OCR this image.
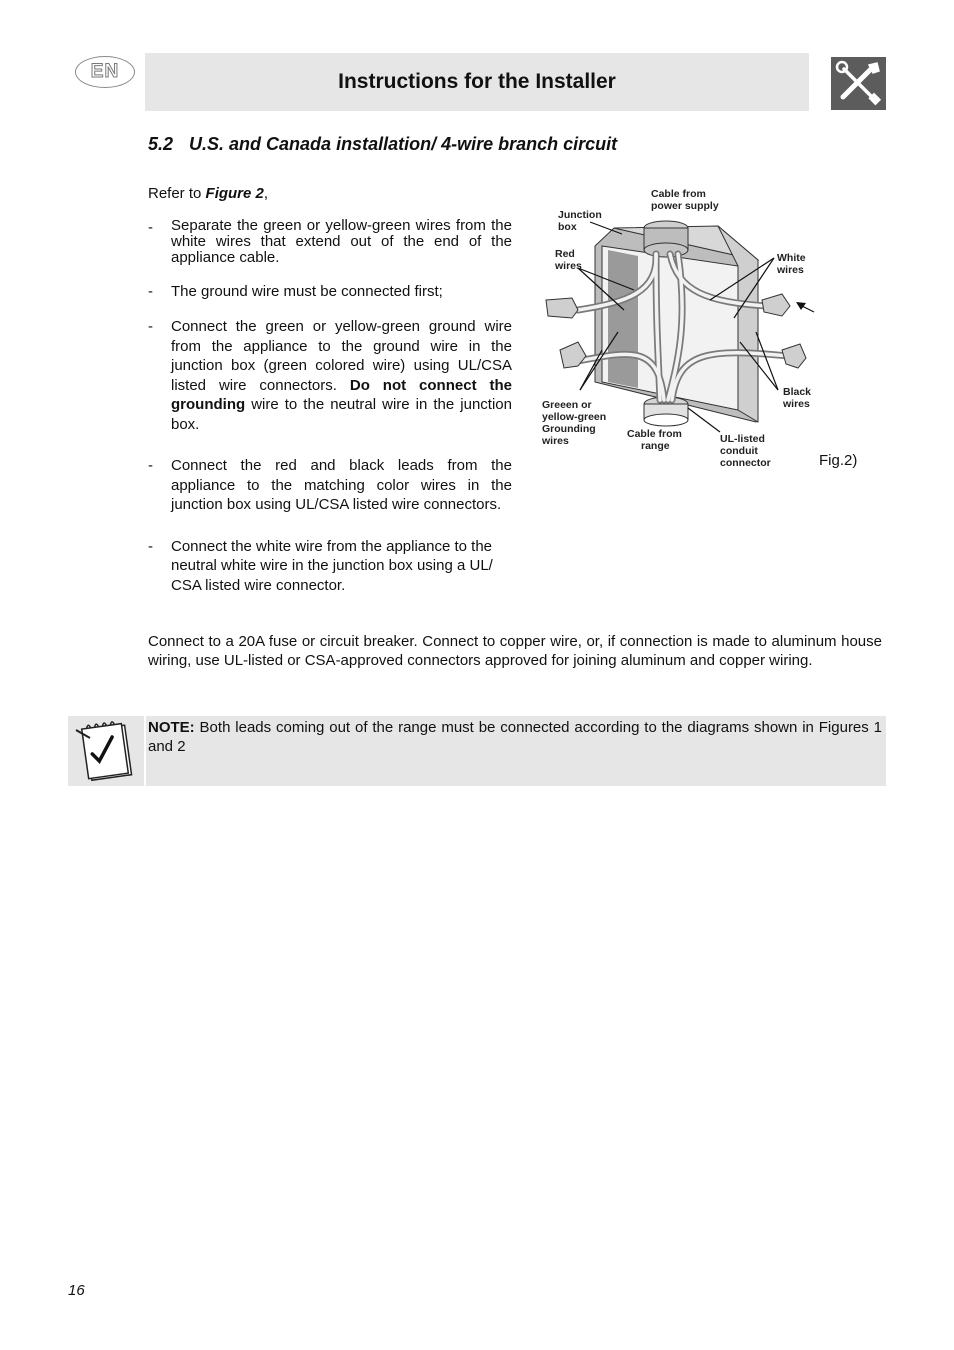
EN	Instructions for the Installer
5.2 U.S. and Canada installation/ 4-wire branch circuit

Refer to Figure 2,

-	Separate the green or yellow-green wires from the white wires that extend out of the end of the appliance cable.
-	The ground wire must be connected first;
-	Connect the green or yellow-green ground wire from the appliance to the ground wire in the junction box (green colored wire) using UL/CSA listed wire connectors. Do not connect the grounding wire to the neutral wire in the junction box.
-	Connect the red and black leads from the appliance to the matching color wires in the junction box using UL/CSA listed wire connectors.
-	Connect the white wire from the appliance to the neutral white wire in the junction box using a UL/ CSA listed wire connector.
Cable from
power supply
Junction
box
Red
wires
White
wires
Black
wires
Greeen or
yellow-green
Grounding
wires
Cable from
range
UL-listed
conduit
connector	Fig.2)
Connect to a 20A fuse or circuit breaker. Connect to copper wire, or, if connection is made to aluminum house wiring, use UL-listed or CSA-approved connectors approved for joining aluminum and copper wiring.
NOTE: Both leads coming out of the range must be connected according to the diagrams shown in Figures 1 and 2
16
